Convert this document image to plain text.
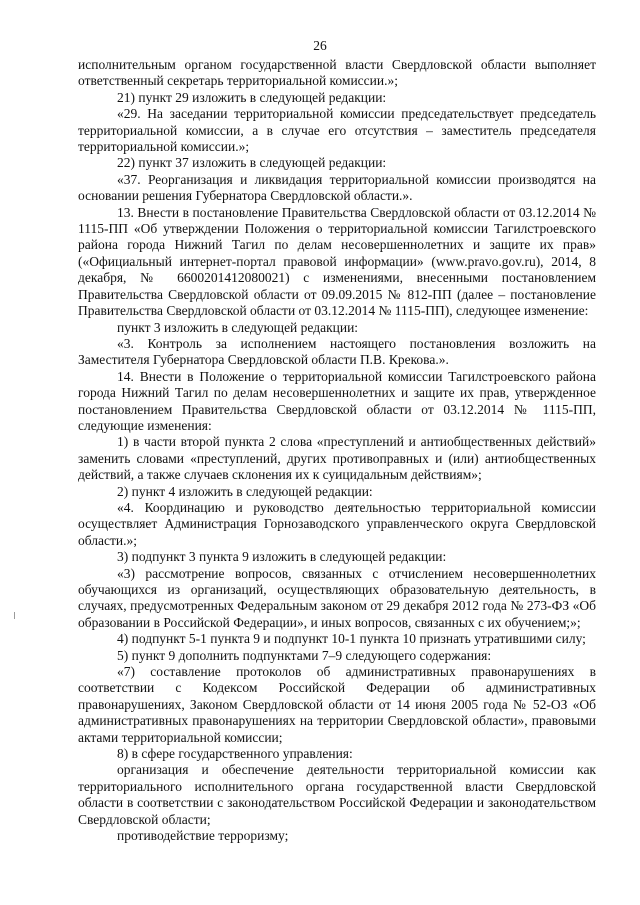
26

исполнительным органом государственной власти Свердловской области выполняет ответственный секретарь территориальной комиссии.»;

21) пункт 29 изложить в следующей редакции:

«29. На заседании территориальной комиссии председательствует председатель территориальной комиссии, а в случае его отсутствия – заместитель председателя территориальной комиссии.»;

22) пункт 37 изложить в следующей редакции:

«37. Реорганизация и ликвидация территориальной комиссии производятся на основании решения Губернатора Свердловской области.».

13. Внести в постановление Правительства Свердловской области от 03.12.2014 № 1115-ПП «Об утверждении Положения о территориальной комиссии Тагилстроевского района города Нижний Тагил по делам несовершеннолетних и защите их прав» («Официальный интернет-портал правовой информации» (www.pravo.gov.ru), 2014, 8 декабря, № 6600201412080021) с изменениями, внесенными постановлением Правительства Свердловской области от 09.09.2015 № 812-ПП (далее – постановление Правительства Свердловской области от 03.12.2014 № 1115-ПП), следующее изменение:

пункт 3 изложить в следующей редакции:

«3. Контроль за исполнением настоящего постановления возложить на Заместителя Губернатора Свердловской области П.В. Крекова.».

14. Внести в Положение о территориальной комиссии Тагилстроевского района города Нижний Тагил по делам несовершеннолетних и защите их прав, утвержденное постановлением Правительства Свердловской области от 03.12.2014 № 1115-ПП, следующие изменения:

1) в части второй пункта 2 слова «преступлений и антиобщественных действий» заменить словами «преступлений, других противоправных и (или) антиобщественных действий, а также случаев склонения их к суицидальным действиям»;

2) пункт 4 изложить в следующей редакции:

«4. Координацию и руководство деятельностью территориальной комиссии осуществляет Администрация Горнозаводского управленческого округа Свердловской области.»;

3) подпункт 3 пункта 9 изложить в следующей редакции:

«3) рассмотрение вопросов, связанных с отчислением несовершеннолетних обучающихся из организаций, осуществляющих образовательную деятельность, в случаях, предусмотренных Федеральным законом от 29 декабря 2012 года № 273-ФЗ «Об образовании в Российской Федерации», и иных вопросов, связанных с их обучением;»;

4) подпункт 5-1 пункта 9 и подпункт 10-1 пункта 10 признать утратившими силу;

5) пункт 9 дополнить подпунктами 7–9 следующего содержания:

«7) составление протоколов об административных правонарушениях в соответствии с Кодексом Российской Федерации об административных правонарушениях, Законом Свердловской области от 14 июня 2005 года № 52-ОЗ «Об административных правонарушениях на территории Свердловской области», правовыми актами территориальной комиссии;

8) в сфере государственного управления:

организация и обеспечение деятельности территориальной комиссии как территориального исполнительного органа государственной власти Свердловской области в соответствии с законодательством Российской Федерации и законодательством Свердловской области;

противодействие терроризму;
